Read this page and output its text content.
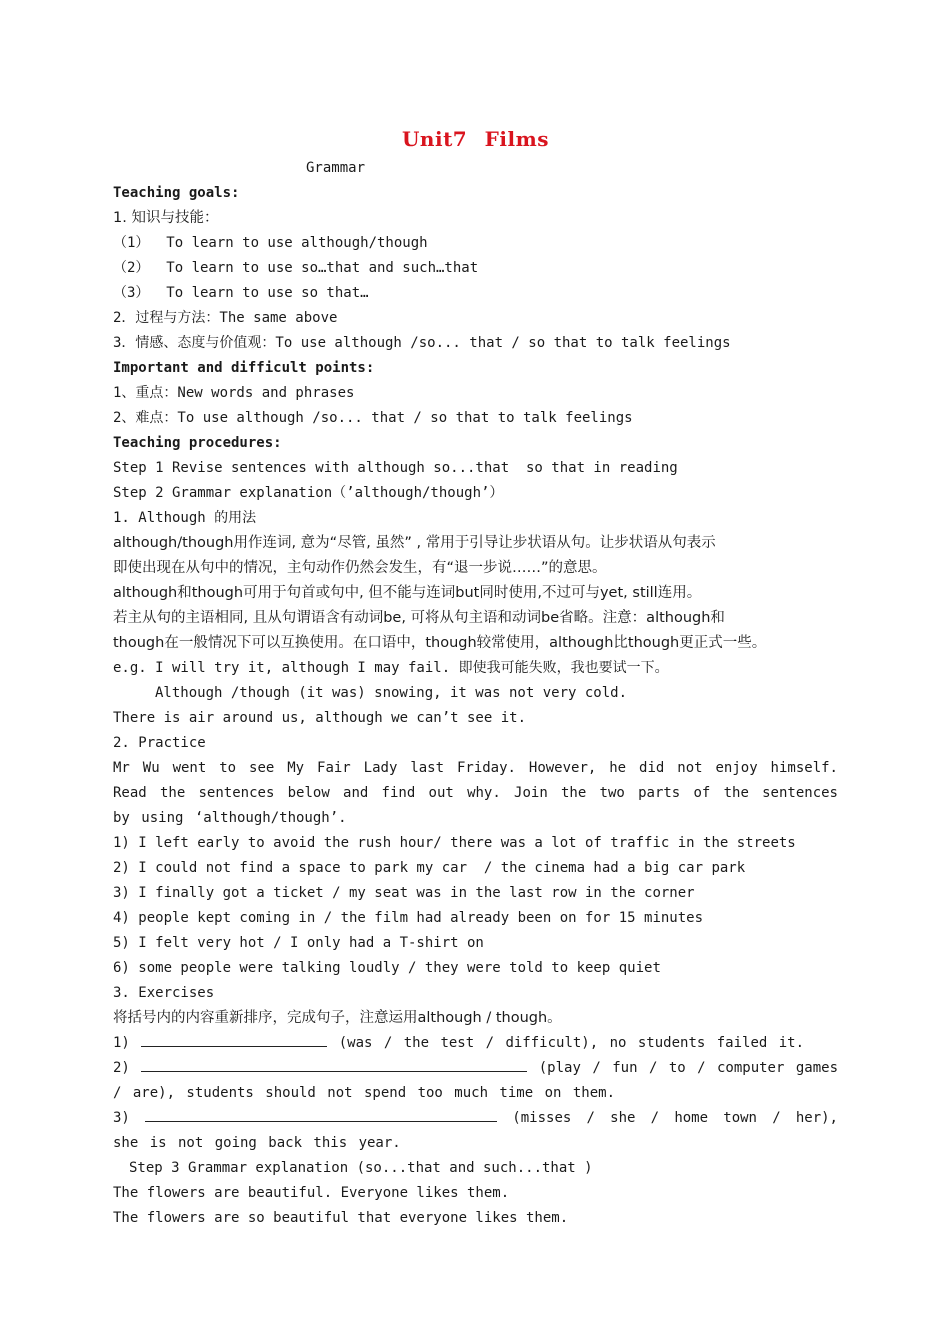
Unit7 Films
Grammar
Teaching goals:
1. 知识与技能：
（1）  To learn to use although/though
（2）  To learn to use so…that and such…that
（3）  To learn to use so that…
2．过程与方法：The same above
3．情感、态度与价值观：To use although /so... that / so that to talk feelings
Important and difficult points:
1、重点：New words and phrases
2、难点：To use although /so... that / so that to talk feelings
Teaching procedures:
Step 1 Revise sentences with although so...that  so that in reading
Step 2 Grammar explanation（’although/though’）
1. Although 的用法
although/though用作连词, 意为“尽管, 虽然” , 常用于引导让步状语从句。让步状语从句表示
即使出现在从句中的情况，主句动作仍然会发生，有“退一步说……”的意思。
although和though可用于句首或句中, 但不能与连词but同时使用,不过可与yet, still连用。
若主从句的主语相同, 且从句谓语含有动词be, 可将从句主语和动词be省略。注意：although和
though在一般情况下可以互换使用。在口语中，though较常使用，although比though更正式一些。
e.g. I will try it, although I may fail. 即使我可能失败，我也要试一下。
Although /though (it was) snowing, it was not very cold.
There is air around us, although we can’t see it.
2. Practice

Mr Wu went to see My Fair Lady last Friday. However, he did not enjoy himself. Read the sentences below and find out why. Join the two parts of the sentences by using ‘although/though’.

1) I left early to avoid the rush hour/ there was a lot of traffic in the streets
2) I could not find a space to park my car  / the cinema had a big car park
3) I finally got a ticket / my seat was in the last row in the corner
4) people kept coming in / the film had already been on for 15 minutes
5) I felt very hot / I only had a T-shirt on
6) some people were talking loudly / they were told to keep quiet
3. Exercises
将括号内的内容重新排序，完成句子，注意运用although / though。

1)	(was / the test / difficult), no students failed it.

2)	(play / fun / to / computer games / are), students should not spend too much time on them.

3)	(misses / she / home town / her), she is not going back this year.

Step 3 Grammar explanation (so...that and such...that )
The flowers are beautiful. Everyone likes them.
The flowers are so beautiful that everyone likes them.
